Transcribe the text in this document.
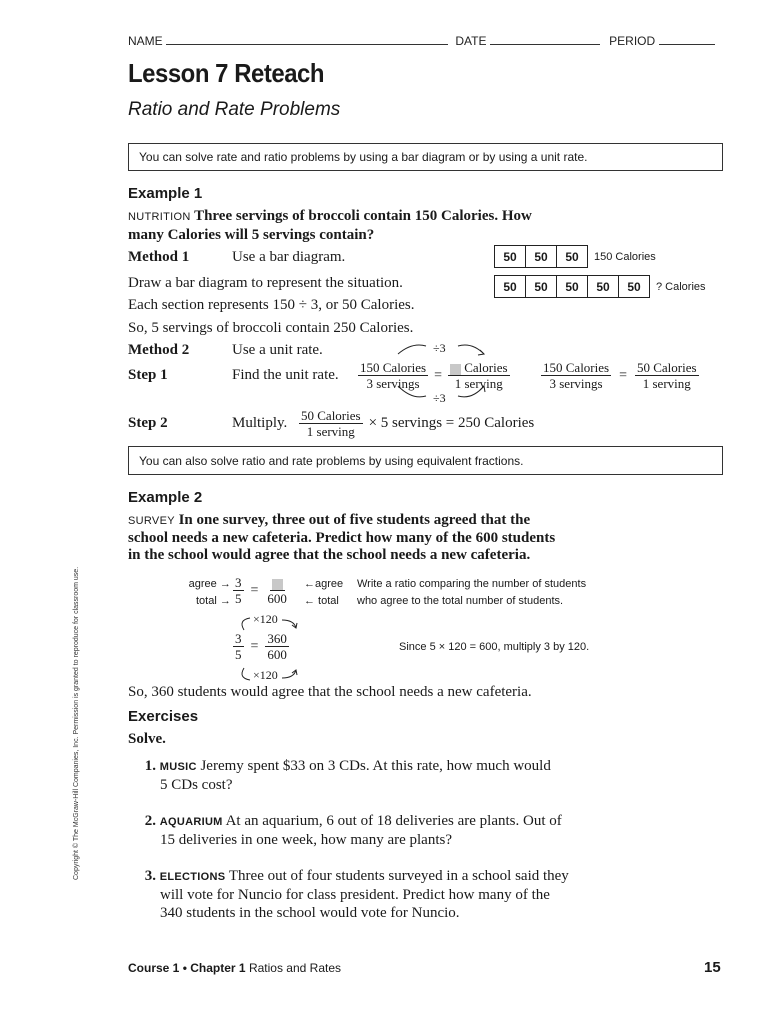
NAME	DATE	PERIOD
Lesson 7 Reteach
Ratio and Rate Problems
You can solve rate and ratio problems by using a bar diagram or by using a unit rate.
Example 1
NUTRITION Three servings of broccoli contain 150 Calories. How
many Calories will 5 servings contain?
Method 1	Use a bar diagram.
Draw a bar diagram to represent the situation.
Each section represents 150 ÷ 3, or 50 Calories.
So, 5 servings of broccoli contain 250 Calories.
50	50	50	150 Calories
50	50	50	50	50	? Calories
Method 2	Use a unit rate.	÷3
÷3
Step 1	Find the unit rate. $\frac{\text{150 Calories}}{\text{3 servings}} = \frac{\text{Calories}}{\text{1 serving}} \frac{\text{150 Calories}}{\text{3 servings}} = \frac{\text{50 Calories}}{\text{1 serving}}$
Step 2	Multiply. $\frac{\text{50 Calories}}{\text{1 serving}} \times 5$ servings = 250 Calories
You can also solve ratio and rate problems by using equivalent fractions.
Example 2
SURVEY In one survey, three out of five students agreed that the
school needs a new cafeteria. Predict how many of the 600 students
in the school would agree that the school needs a new cafeteria.
agree →
total → $\frac{3}{5}$ =
600
←agree
← total
Write a ratio comparing the number of students
who agree to the total number of students.
×120
×120
$\frac{3}{5} = \frac{360}{600}$	Since 5 × 120 = 600, multiply 3 by 120.
So, 360 students would agree that the school needs a new cafeteria.
Exercises
Solve.
1. MUSIC Jeremy spent $33 on 3 CDs. At this rate, how much would
5 CDs cost?
2. AQUARIUM At an aquarium, 6 out of 18 deliveries are plants. Out of
15 deliveries in one week, how many are plants?
3. ELECTIONS Three out of four students surveyed in a school said they
will vote for Nuncio for class president. Predict how many of the
340 students in the school would vote for Nuncio.
Course 1 • Chapter 1 Ratios and Rates	15
Copyright © The McGraw-Hill Companies, Inc. Permission is granted to reproduce for classroom use.
